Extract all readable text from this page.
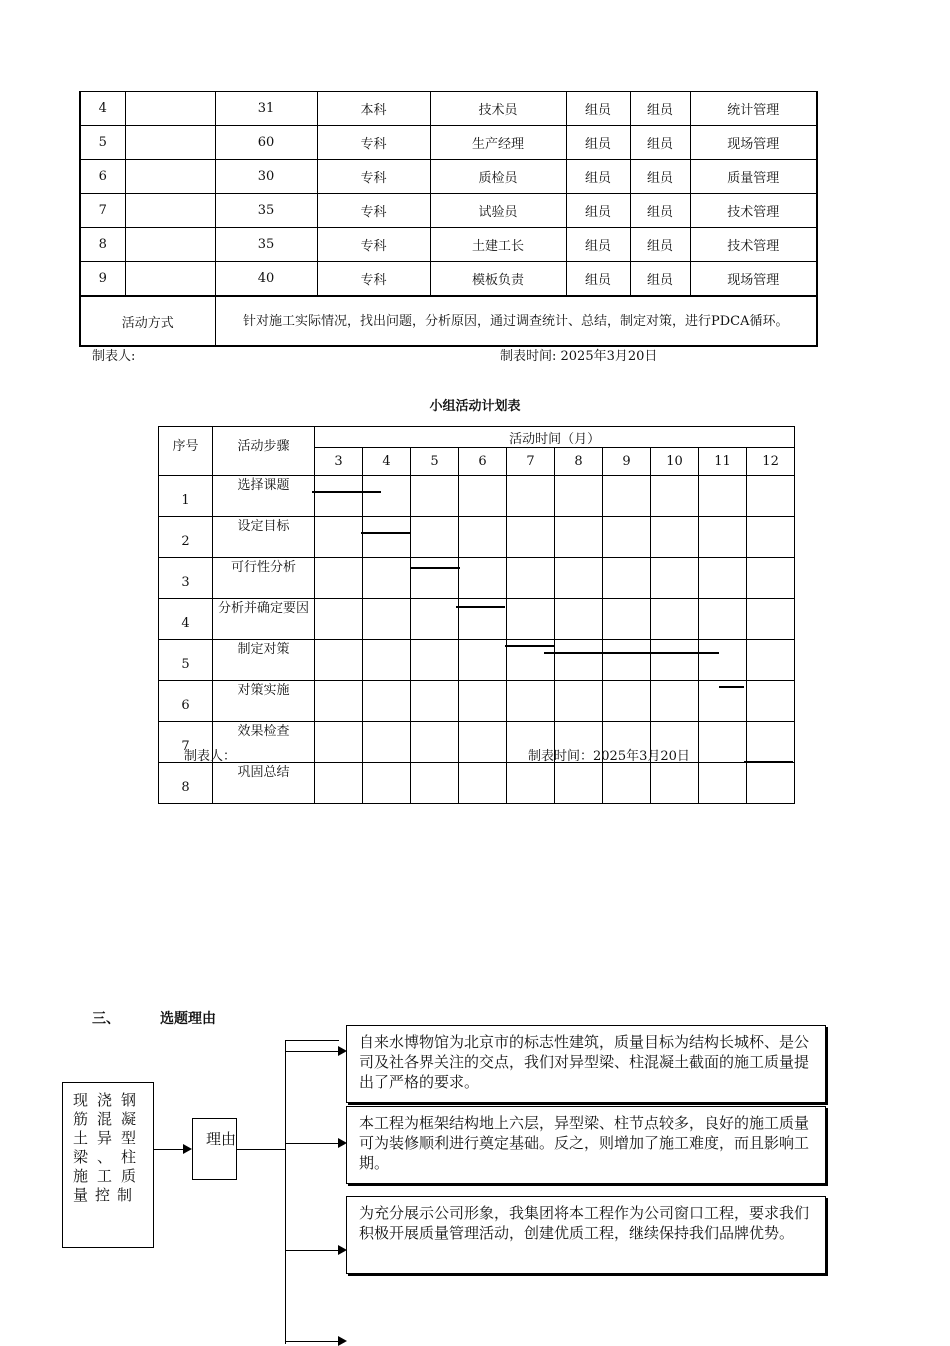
4		31	本科	技术员	组员	组员	统计管理
5		60	专科	生产经理	组员	组员	现场管理
6		30	专科	质检员	组员	组员	质量管理
7		35	专科	试验员	组员	组员	技术管理
8		35	专科	土建工长	组员	组员	技术管理
9		40	专科	模板负责	组员	组员	现场管理
活动方式		针对施工实际情况，找出问题，分析原因，通过调查统计、总结，制定对策，进行PDCA循环。					
制表人:	制表时间: 2025年3月20日
小组活动计划表
序号	活动步骤	活动时间（月）									
		3	4	5	6	7	8	9	10	11	12
1	选择课题										
2	设定目标										
3	可行性分析										
4	分析并确定要因										
5	制定对策										
6	对策实施										
7	效果检查										
8	巩固总结										
制表人：	制表时间：2025年3月20日
三、	选题理由
现浇钢筋混凝土异型梁、柱施工质量控制
理由
自来水博物馆为北京市的标志性建筑，质量目标为结构长城杯、是公司及社各界关注的交点，我们对异型梁、柱混凝土截面的施工质量提出了严格的要求。
本工程为框架结构地上六层，异型梁、柱节点较多，良好的施工质量可为装修顺利进行奠定基础。反之，则增加了施工难度，而且影响工期。
为充分展示公司形象，我集团将本工程作为公司窗口工程，要求我们积极开展质量管理活动，创建优质工程，继续保持我们品牌优势。
